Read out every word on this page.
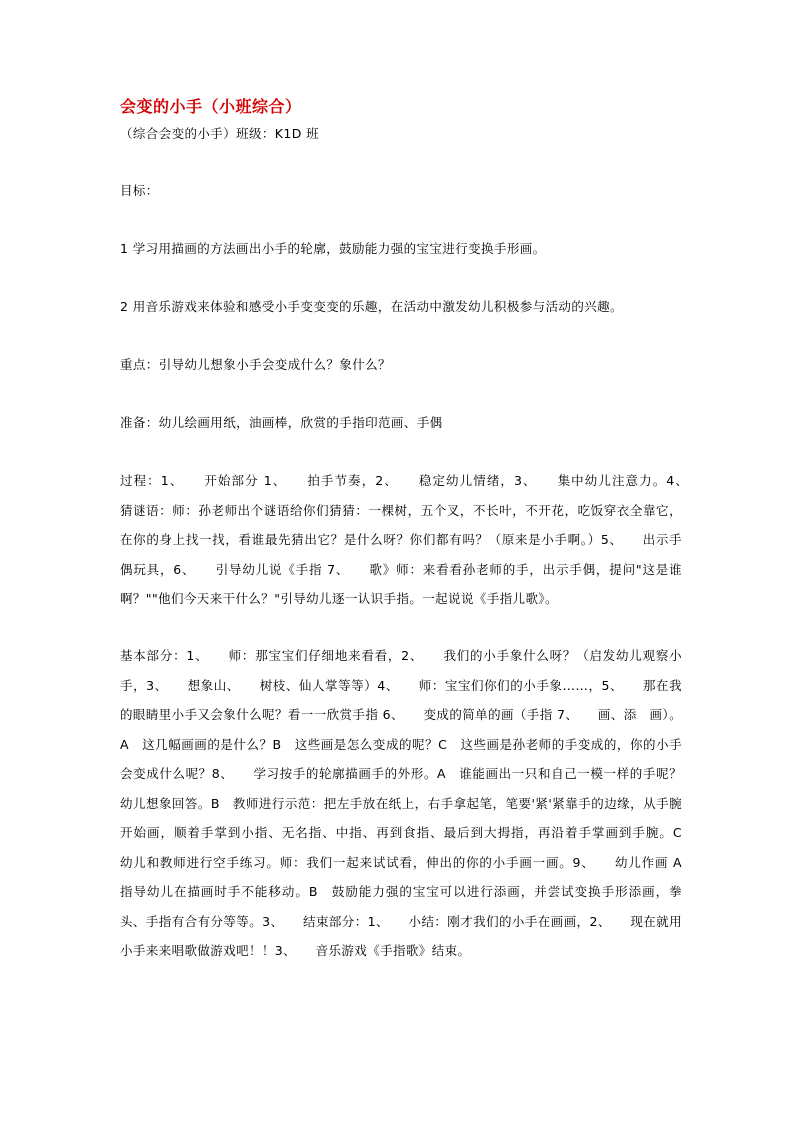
会变的小手（小班综合）
（综合会变的小手）班级：K1D 班
目标：
1 学习用描画的方法画出小手的轮廓，鼓励能力强的宝宝进行变换手形画。
2 用音乐游戏来体验和感受小手变变变的乐趣，在活动中激发幼儿积极参与活动的兴趣。
重点：引导幼儿想象小手会变成什么？象什么？
准备：幼儿绘画用纸，油画棒，欣赏的手指印范画、手偶
过程：1、　　开始部分 1、　　拍手节奏，2、　　稳定幼儿情绪，3、　　集中幼儿注意力。4、　　猜谜语：师：孙老师出个谜语给你们猜猜：一棵树，五个叉，不长叶，不开花，吃饭穿衣全靠它，在你的身上找一找，看谁最先猜出它？是什么呀？你们都有吗？（原来是小手啊。）5、　　出示手偶玩具，6、　　引导幼儿说《手指 7、　　歌》师：来看看孙老师的手，出示手偶，提问"这是谁啊？""他们今天来干什么？"引导幼儿逐一认识手指。一起说说《手指儿歌》。
基本部分：1、　　师：那宝宝们仔细地来看看，2、　　我们的小手象什么呀？（启发幼儿观察小手，3、　　想象山、　　树枝、仙人掌等等）4、　　师：宝宝们你们的小手象……，5、　　那在我的眼睛里小手又会象什么呢？看一一欣赏手指 6、　　变成的简单的画（手指 7、　　画、添　画）。A　这几幅画画的是什么？B　这些画是怎么变成的呢？C　这些画是孙老师的手变成的，你的小手会变成什么呢？8、　　学习按手的轮廓描画手的外形。A　谁能画出一只和自己一模一样的手呢？幼儿想象回答。B　教师进行示范：把左手放在纸上，右手拿起笔，笔要'紧'紧靠手的边缘，从手腕开始画，顺着手掌到小指、无名指、中指、再到食指、最后到大拇指，再沿着手掌画到手腕。C　幼儿和教师进行空手练习。师：我们一起来试试看，伸出的你的小手画一画。9、　　幼儿作画 A　指导幼儿在描画时手不能移动。B　鼓励能力强的宝宝可以进行添画，并尝试变换手形添画，拳头、手指有合有分等等。3、　　结束部分：1、　　小结：刚才我们的小手在画画，2、　　现在就用小手来来唱歌做游戏吧！！3、　　音乐游戏《手指歌》结束。
